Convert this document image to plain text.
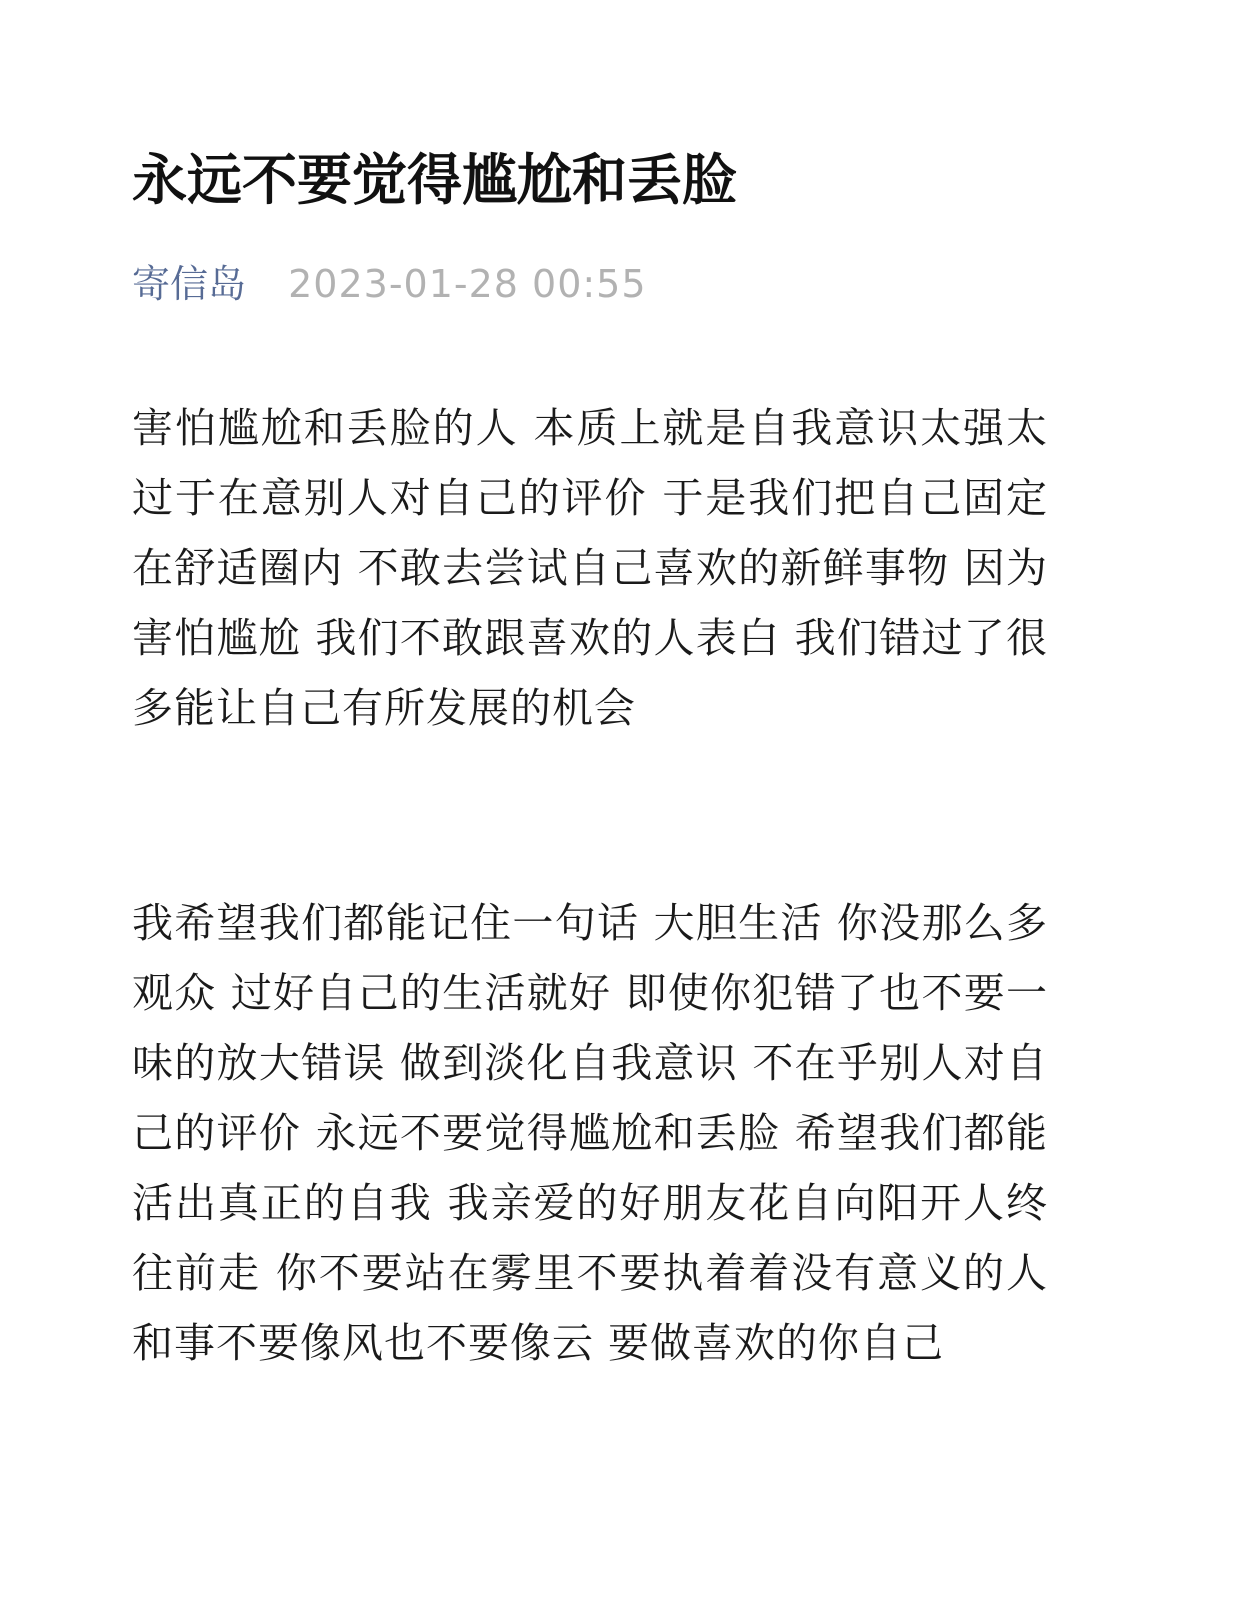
永远不要觉得尴尬和丢脸
寄信岛 2023-01-28 00:55

害怕尴尬和丢脸的人 本质上就是自我意识太强太过于在意别人对自己的评价 于是我们把自己固定在舒适圈内 不敢去尝试自己喜欢的新鲜事物 因为害怕尴尬 我们不敢跟喜欢的人表白 我们错过了很多能让自己有所发展的机会

我希望我们都能记住一句话 大胆生活 你没那么多观众 过好自己的生活就好 即使你犯错了也不要一味的放大错误 做到淡化自我意识 不在乎别人对自己的评价 永远不要觉得尴尬和丢脸 希望我们都能活出真正的自我 我亲爱的好朋友花自向阳开人终往前走 你不要站在雾里不要执着着没有意义的人和事不要像风也不要像云 要做喜欢的你自己
